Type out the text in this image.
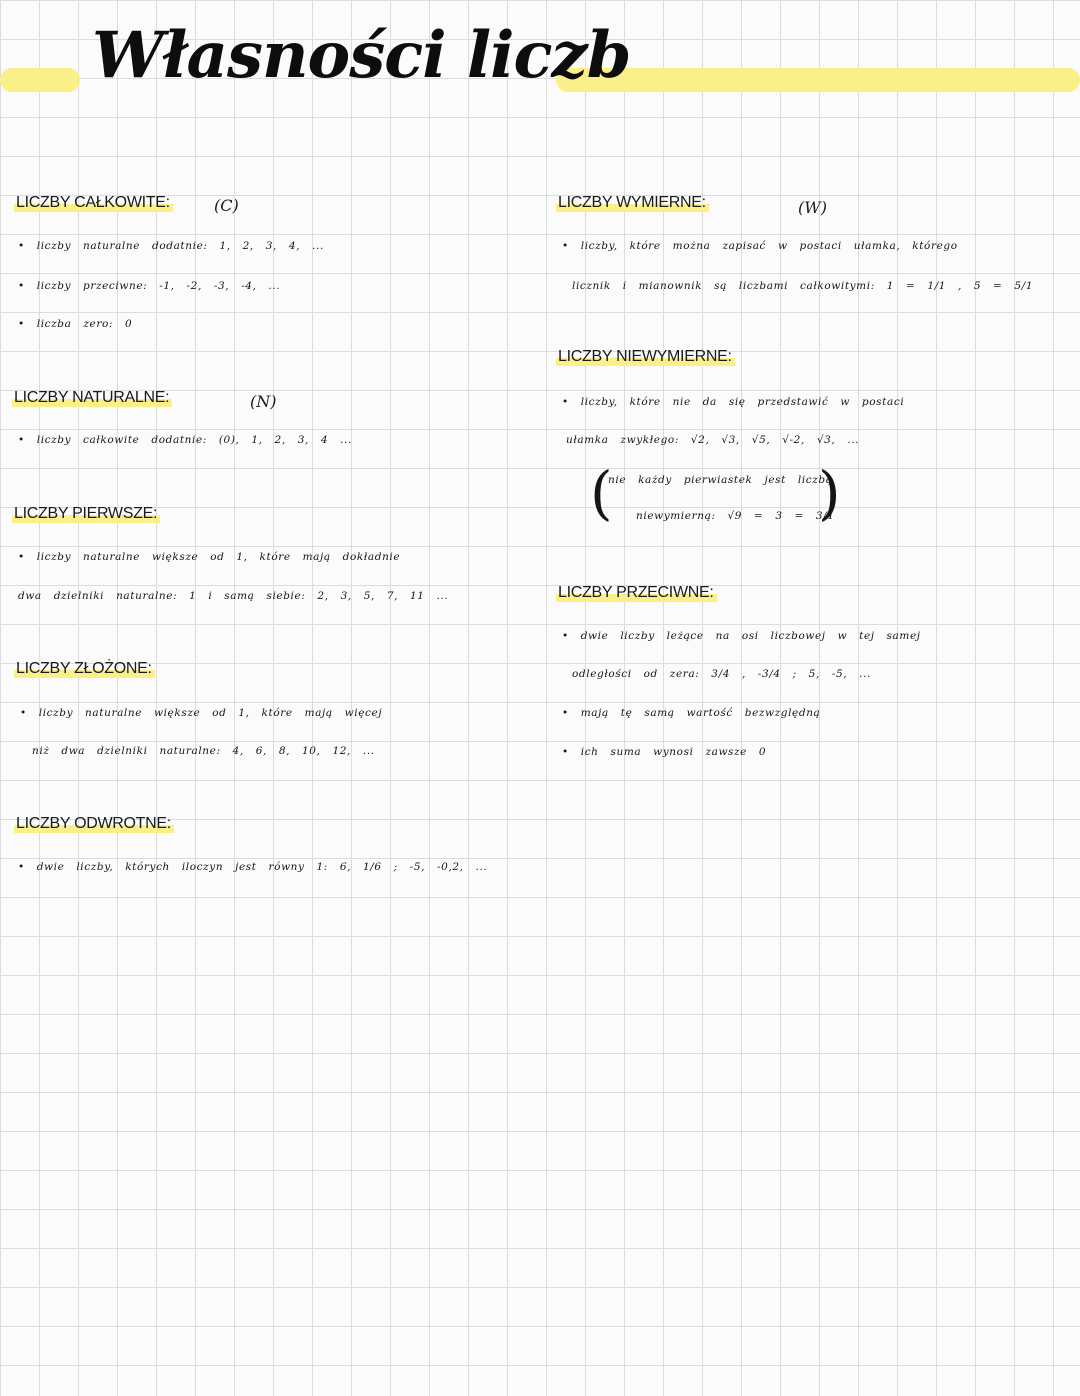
Własności liczb
LICZBY CAŁKOWITE:	(C)
• liczby naturalne dodatnie: 1, 2, 3, 4, ...
• liczby przeciwne: -1, -2, -3, -4, ...
• liczba zero: 0
LICZBY NATURALNE:	(N)
• liczby całkowite dodatnie: (0), 1, 2, 3, 4 ...
LICZBY PIERWSZE:
• liczby naturalne większe od 1, które mają dokładnie
dwa dzielniki naturalne: 1 i samą siebie: 2, 3, 5, 7, 11 ...
LICZBY ZŁOŻONE:
• liczby naturalne większe od 1, które mają więcej
niż dwa dzielniki naturalne: 4, 6, 8, 10, 12, ...
LICZBY ODWROTNE:
• dwie liczby, których iloczyn jest równy 1: 6, 1/6 ; -5, -0,2, ...
LICZBY WYMIERNE:	(W)
• liczby, które można zapisać w postaci ułamka, którego
licznik i mianownik są liczbami całkowitymi: 1 = 1/1 , 5 = 5/1
LICZBY NIEWYMIERNE:
• liczby, które nie da się przedstawić w postaci
ułamka zwykłego: √2, √3, √5, √-2, √3, ...
(
nie każdy pierwiastek jest liczbą
niewymierną: √9 = 3 = 3/1
)
LICZBY PRZECIWNE:
• dwie liczby leżące na osi liczbowej w tej samej
odległości od zera: 3/4 , -3/4 ; 5, -5, ...
• mają tę samą wartość bezwzględną
• ich suma wynosi zawsze 0
